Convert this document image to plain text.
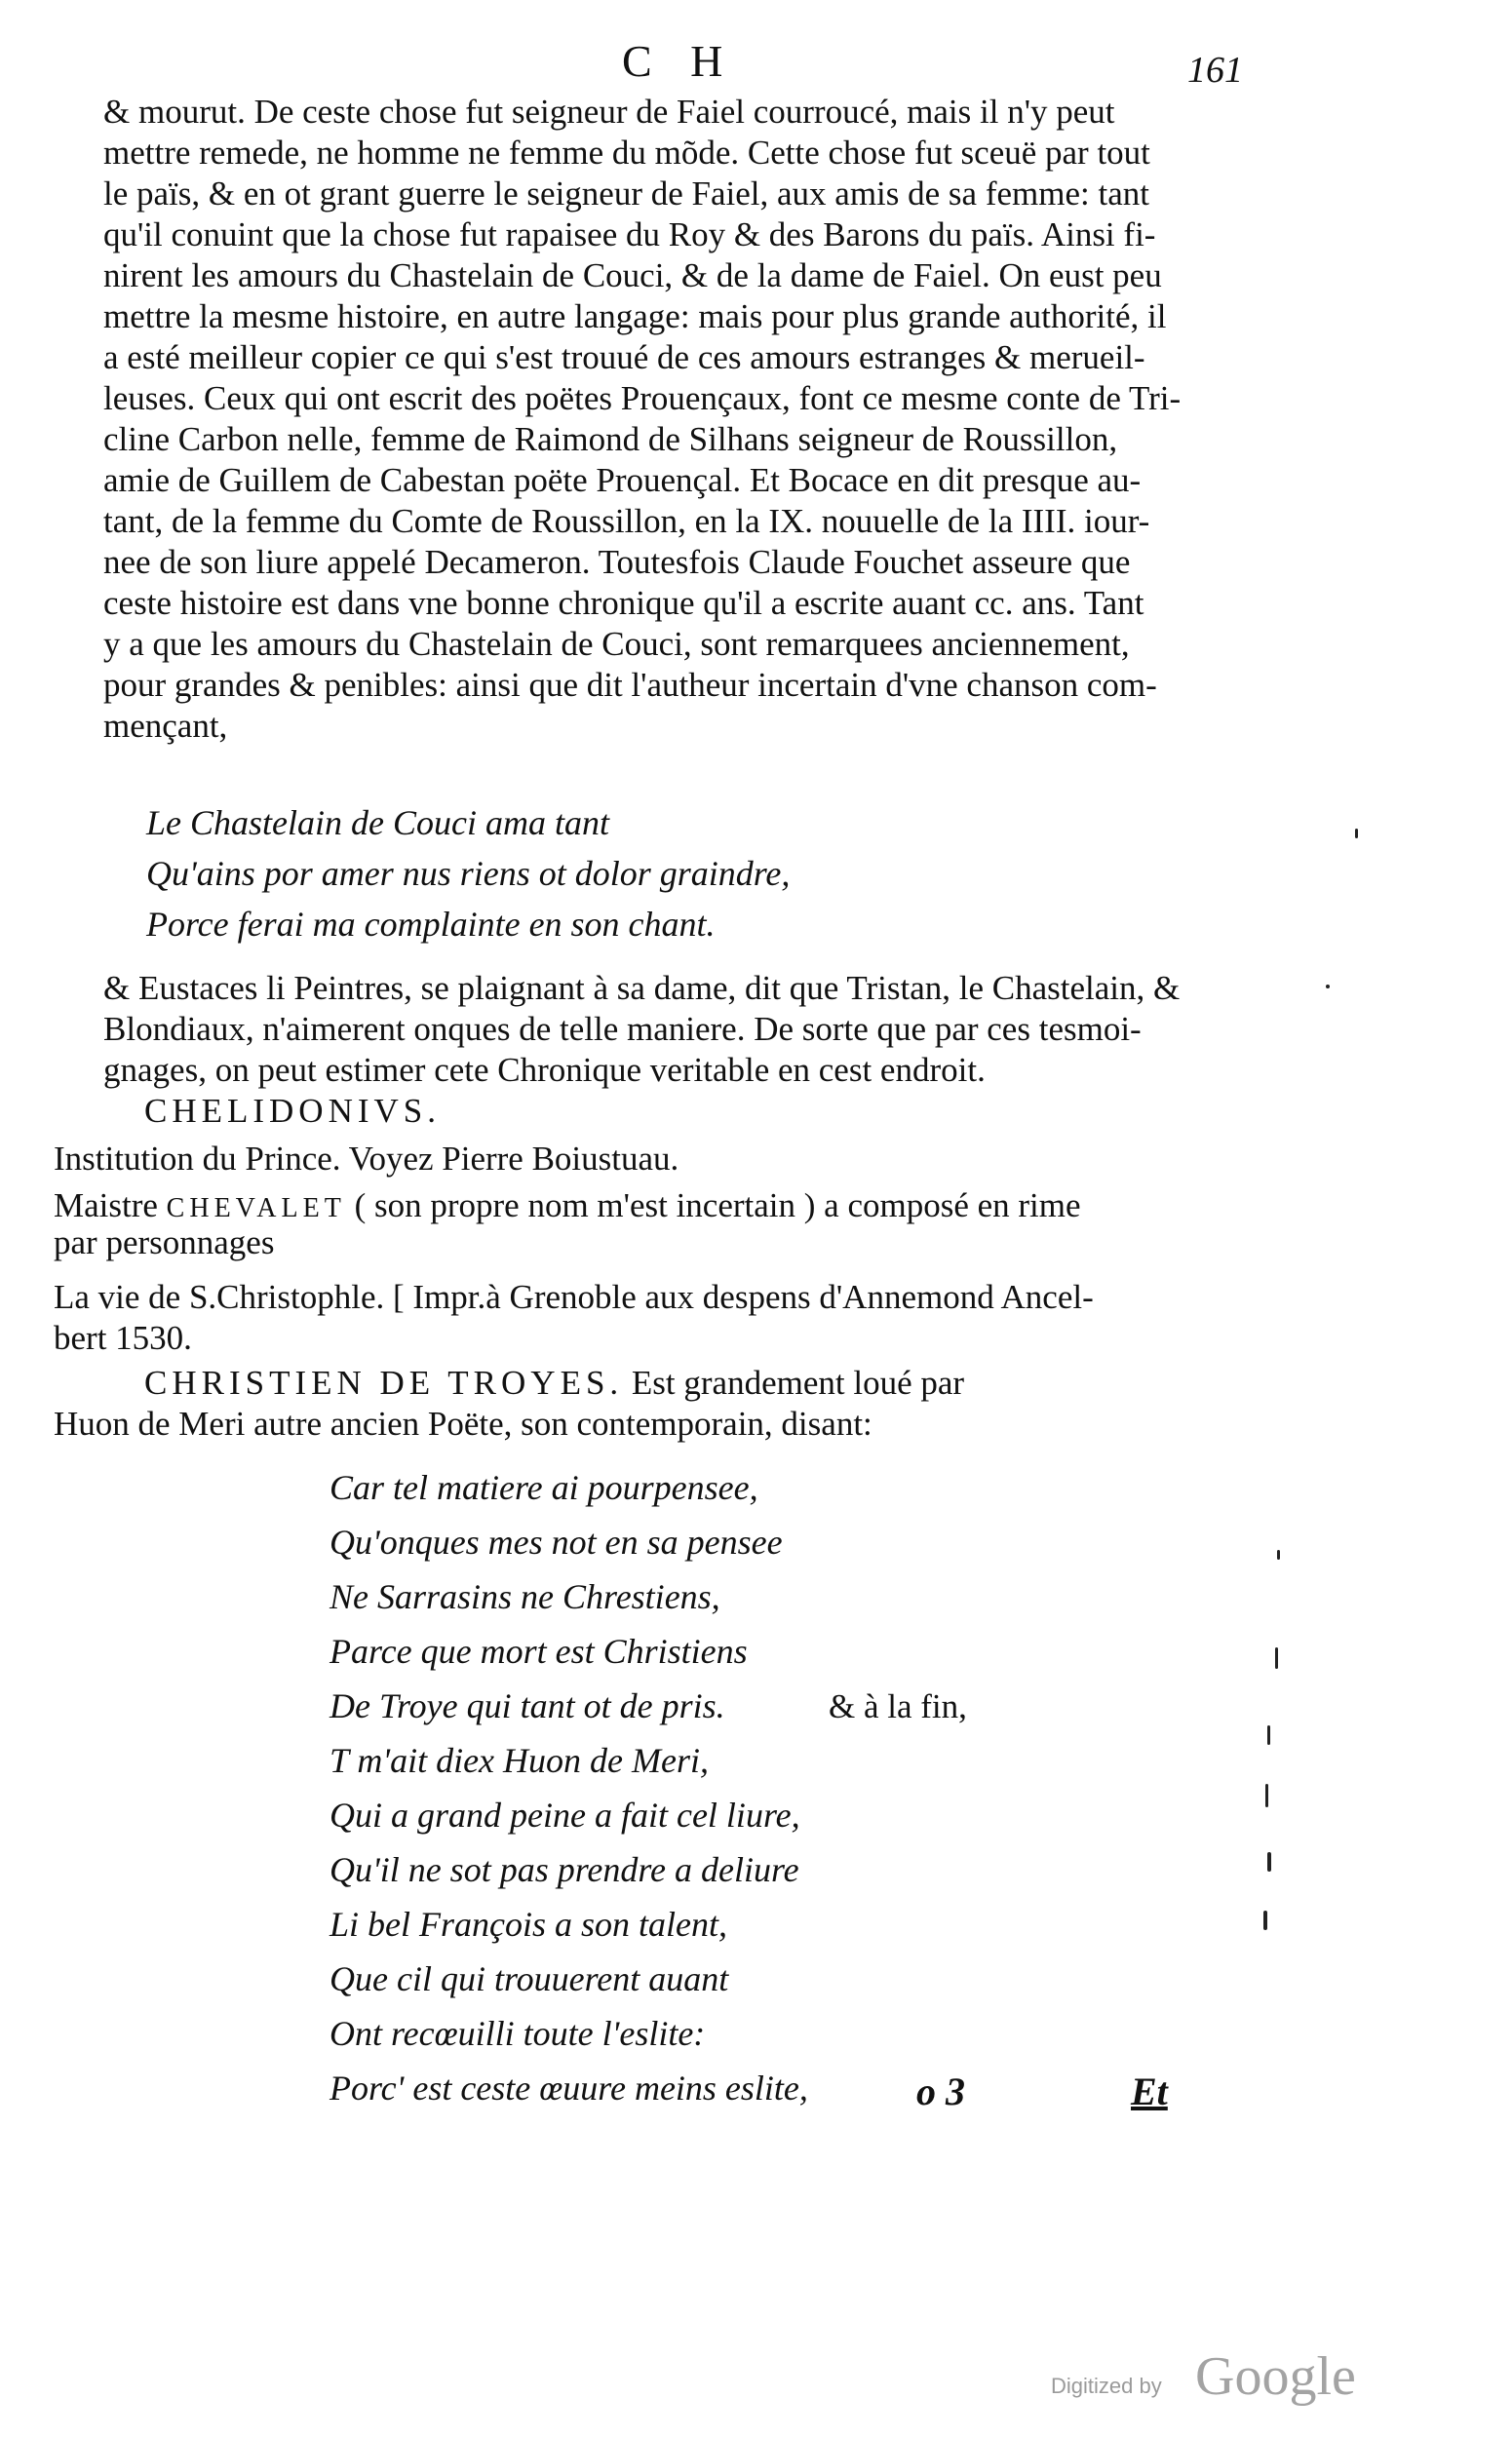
C H	161
& mourut. De ceste chose fut seigneur de Faiel courroucé, mais il n'y peut
mettre remede, ne homme ne femme du mõde. Cette chose fut sceuë par tout
le païs, & en ot grant guerre le seigneur de Faiel, aux amis de sa femme: tant
qu'il conuint que la chose fut rapaisee du Roy & des Barons du païs. Ainsi fi-
nirent les amours du Chastelain de Couci, & de la dame de Faiel. On eust peu
mettre la mesme histoire, en autre langage: mais pour plus grande authorité, il
a esté meilleur copier ce qui s'est trouué de ces amours estranges & merueil-
leuses. Ceux qui ont escrit des poëtes Prouençaux, font ce mesme conte de Tri-
cline Carbon nelle, femme de Raimond de Silhans seigneur de Roussillon,
amie de Guillem de Cabestan poëte Prouençal. Et Bocace en dit presque au-
tant, de la femme du Comte de Roussillon, en la IX. nouuelle de la IIII. iour-
nee de son liure appelé Decameron. Toutesfois Claude Fouchet asseure que
ceste histoire est dans vne bonne chronique qu'il a escrite auant cc. ans. Tant
y a que les amours du Chastelain de Couci, sont remarquees anciennement,
pour grandes & penibles: ainsi que dit l'autheur incertain d'vne chanson com-
mençant,
Le Chastelain de Couci ama tant
Qu'ains por amer nus riens ot dolor graindre,
Porce ferai ma complainte en son chant.
& Eustaces li Peintres, se plaignant à sa dame, dit que Tristan, le Chastelain, &
Blondiaux, n'aimerent onques de telle maniere. De sorte que par ces tesmoi-
gnages, on peut estimer cete Chronique veritable en cest endroit.
CHELIDONIVS.
Institution du Prince. Voyez Pierre Boiustuau.
Maistre CHEVALET ( son propre nom m'est incertain ) a composé en rime
par personnages
La vie de S.Christophle. [ Impr.à Grenoble aux despens d'Annemond Ancel-
bert 1530.
CHRISTIEN DE TROYES. Est grandement loué par
Huon de Meri autre ancien Poëte, son contemporain, disant:
Car tel matiere ai pourpensee,
Qu'onques mes not en sa pensee
Ne Sarrasins ne Chrestiens,
Parce que mort est Christiens
De Troye qui tant ot de pris.	& à la fin,
T m'ait diex Huon de Meri,
Qui a grand peine a fait cel liure,
Qu'il ne sot pas prendre a deliure
Li bel François a son talent,
Que cil qui trouuerent auant
Ont recœuilli toute l'eslite:
Porc' est ceste œuure meins eslite,	o 3	Et
Digitized by Google
